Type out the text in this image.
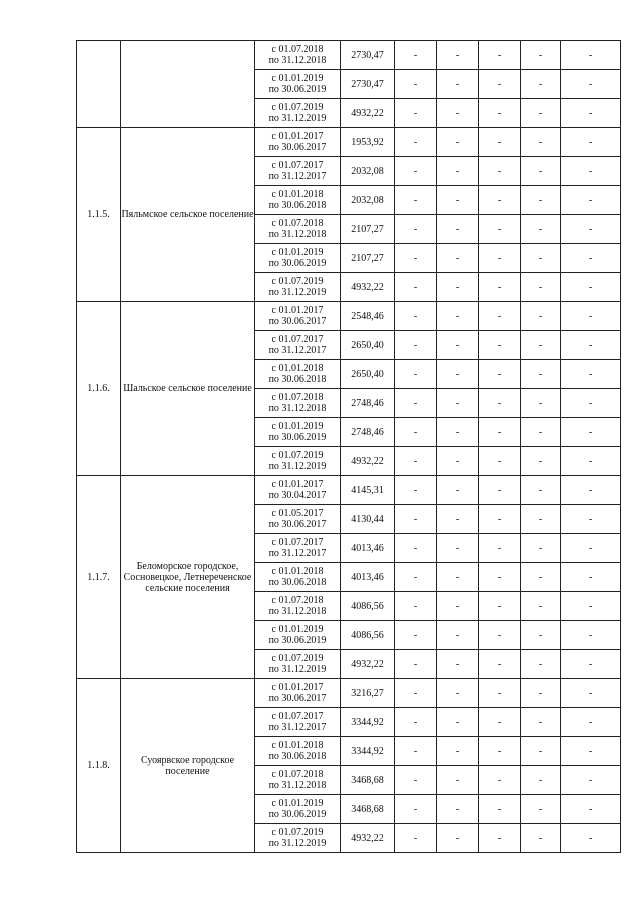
		с 01.07.2018
по 31.12.2018	2730,47	-	-	-	-	-

		с 01.01.2019
по 30.06.2019	2730,47	-	-	-	-	-

		с 01.07.2019
по 31.12.2019	4932,22	-	-	-	-	-
1.1.5.	Пяльмское сельское поселение	с 01.01.2017
по 30.06.2017	1953,92	-	-	-	-	-

		с 01.07.2017
по 31.12.2017	2032,08	-	-	-	-	-

		с 01.01.2018
по 30.06.2018	2032,08	-	-	-	-	-

		с 01.07.2018
по 31.12.2018	2107,27	-	-	-	-	-

		с 01.01.2019
по 30.06.2019	2107,27	-	-	-	-	-

		с 01.07.2019
по 31.12.2019	4932,22	-	-	-	-	-
1.1.6.	Шальское сельское поселение	с 01.01.2017
по 30.06.2017	2548,46	-	-	-	-	-

		с 01.07.2017
по 31.12.2017	2650,40	-	-	-	-	-

		с 01.01.2018
по 30.06.2018	2650,40	-	-	-	-	-

		с 01.07.2018
по 31.12.2018	2748,46	-	-	-	-	-

		с 01.01.2019
по 30.06.2019	2748,46	-	-	-	-	-

		с 01.07.2019
по 31.12.2019	4932,22	-	-	-	-	-
1.1.7.	Беломорское городское, Сосновецкое, Летнереченское сельские поселения	с 01.01.2017
по 30.04.2017	4145,31	-	-	-	-	-

		с 01.05.2017
по 30.06.2017	4130,44	-	-	-	-	-

		с 01.07.2017
по 31.12.2017	4013,46	-	-	-	-	-

		с 01.01.2018
по 30.06.2018	4013,46	-	-	-	-	-

		с 01.07.2018
по 31.12.2018	4086,56	-	-	-	-	-

		с 01.01.2019
по 30.06.2019	4086,56	-	-	-	-	-

		с 01.07.2019
по 31.12.2019	4932,22	-	-	-	-	-
1.1.8.	Суоярвское городское поселение	с 01.01.2017
по 30.06.2017	3216,27	-	-	-	-	-

		с 01.07.2017
по 31.12.2017	3344,92	-	-	-	-	-

		с 01.01.2018
по 30.06.2018	3344,92	-	-	-	-	-

		с 01.07.2018
по 31.12.2018	3468,68	-	-	-	-	-

		с 01.01.2019
по 30.06.2019	3468,68	-	-	-	-	-

		с 01.07.2019
по 31.12.2019	4932,22	-	-	-	-	-
